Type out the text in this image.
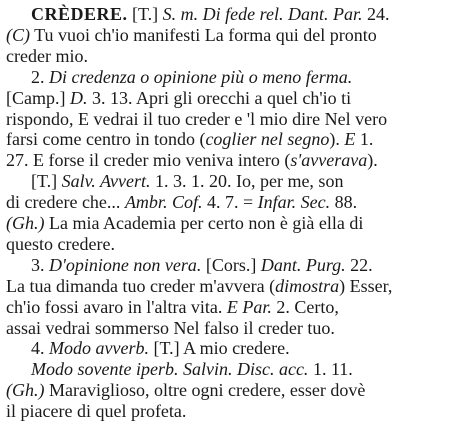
CRÈDERE. [T.] S. m. Di fede rel. Dant. Par. 24.
(C) Tu vuoi ch'io manifesti La forma qui del pronto
creder mio.
2. Di credenza o opinione più o meno ferma.
[Camp.] D. 3. 13. Apri gli orecchi a quel ch'io ti
rispondo, E vedrai il tuo creder e 'l mio dire Nel vero
farsi come centro in tondo (coglier nel segno). E 1.
27. E forse il creder mio veniva intero (s'avverava).
[T.] Salv. Avvert. 1. 3. 1. 20. Io, per me, son
di credere che... Ambr. Cof. 4. 7. = Infar. Sec. 88.
(Gh.) La mia Academia per certo non è già ella di
questo credere.
3. D'opinione non vera. [Cors.] Dant. Purg. 22.
La tua dimanda tuo creder m'avvera (dimostra) Esser,
ch'io fossi avaro in l'altra vita. E Par. 2. Certo,
assai vedrai sommerso Nel falso il creder tuo.
4. Modo avverb. [T.] A mio credere.
Modo sovente iperb. Salvin. Disc. acc. 1. 11.
(Gh.) Maraviglioso, oltre ogni credere, esser dovè
il piacere di quel profeta.
